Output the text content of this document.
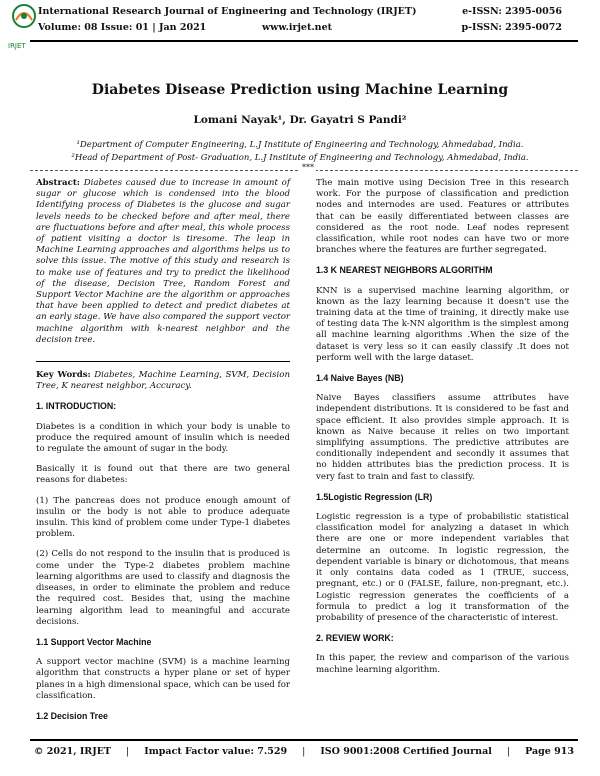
IRJET
International Research Journal of Engineering and Technology (IRJET)
Volume: 08 Issue: 01 | Jan 2021	www.irjet.net
e-ISSN: 2395-0056
p-ISSN: 2395-0072
Diabetes Disease Prediction using Machine Learning
Lomani Nayak¹, Dr. Gayatri S Pandi²
¹Department of Computer Engineering, L.J Institute of Engineering and Technology, Ahmedabad, India.
²Head of Department of Post- Graduation, L.J Institute of Engineering and Technology, Ahmedabad, India.
***

Abstract: Diabetes caused due to increase in amount of sugar or glucose which is condensed into the blood Identifying process of Diabetes is the glucose and sugar levels needs to be checked before and after meal, there are fluctuations before and after meal, this whole process of patient visiting a doctor is tiresome. The leap in Machine Learning approaches and algorithms helps us to solve this issue. The motive of this study and research is to make use of features and try to predict the likelihood of the disease, Decision Tree, Random Forest and Support Vector Machine are the algorithm or approaches that have been applied to detect and predict diabetes at an early stage. We have also compared the support vector machine algorithm with k-nearest neighbor and the decision tree.

Key Words: Diabetes, Machine Learning, SVM, Decision Tree, K nearest neighbor, Accuracy.

1. INTRODUCTION:

Diabetes is a condition in which your body is unable to produce the required amount of insulin which is needed to regulate the amount of sugar in the body.

Basically it is found out that there are two general reasons for diabetes:

(1) The pancreas does not produce enough amount of insulin or the body is not able to produce adequate insulin. This kind of problem come under Type-1 diabetes problem.

(2) Cells do not respond to the insulin that is produced is come under the Type-2 diabetes problem machine learning algorithms are used to classify and diagnosis the diseases, in order to eliminate the problem and reduce the required cost. Besides that, using the machine learning algorithm lead to meaningful and accurate decisions.

1.1 Support Vector Machine

A support vector machine (SVM) is a machine learning algorithm that constructs a hyper plane or set of hyper planes in a high dimensional space, which can be used for classification.

1.2 Decision Tree

The main motive using Decision Tree in this research work. For the purpose of classification and prediction nodes and internodes are used. Features or attributes that can be easily differentiated between classes are considered as the root node. Leaf nodes represent classification, while root nodes can have two or more branches where the features are further segregated.

1.3 K NEAREST NEIGHBORS ALGORITHM

KNN is a supervised machine learning algorithm, or known as the lazy learning because it doesn't use the training data at the time of training, it directly make use of testing data The k-NN algorithm is the simplest among all machine learning algorithms .When the size of the dataset is very less so it can easily classify .It does not perform well with the large dataset.

1.4 Naive Bayes (NB)

Naive Bayes classifiers assume attributes have independent distributions. It is considered to be fast and space efficient. It also provides simple approach. It is known as Naive because it relies on two important simplifying assumptions. The predictive attributes are conditionally independent and secondly it assumes that no hidden attributes bias the prediction process. It is very fast to train and fast to classify.

1.5Logistic Regression (LR)

Logistic regression is a type of probabilistic statistical classification model for analyzing a dataset in which there are one or more independent variables that determine an outcome. In logistic regression, the dependent variable is binary or dichotomous, that means it only contains data coded as 1 (TRUE, success, pregnant, etc.) or 0 (FALSE, failure, non-pregnant, etc.). Logistic regression generates the coefficients of a formula to predict a log it transformation of the probability of presence of the characteristic of interest.

2. REVIEW WORK:

In this paper, the review and comparison of the various machine learning algorithm.

© 2021, IRJET | Impact Factor value: 7.529 | ISO 9001:2008 Certified Journal | Page 913
